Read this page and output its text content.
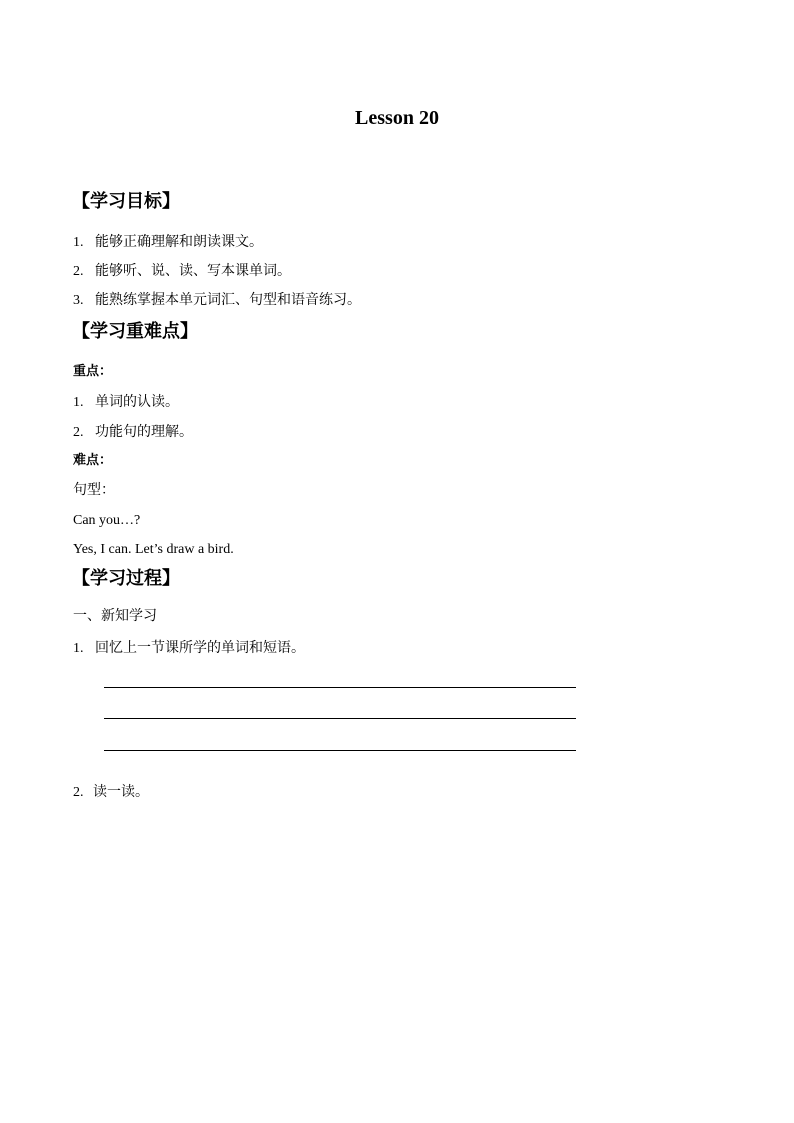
Lesson 20
【学习目标】
1. 能够正确理解和朗读课文。
2. 能够听、说、读、写本课单词。
3. 能熟练掌握本单元词汇、句型和语音练习。
【学习重难点】
重点：
1. 单词的认读。
2. 功能句的理解。
难点：
句型：
Can you…?
Yes, I can. Let’s draw a bird.
【学习过程】
一、新知学习
1. 回忆上一节课所学的单词和短语。
2. 读一读。
